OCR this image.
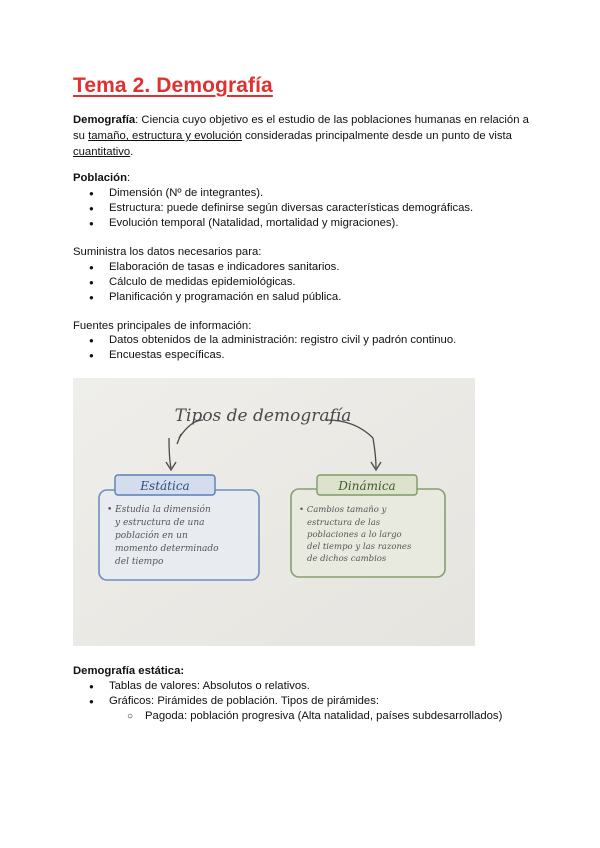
Tema 2. Demografía

Demografía: Ciencia cuyo objetivo es el estudio de las poblaciones humanas en relación a su tamaño, estructura y evolución consideradas principalmente desde un punto de vista cuantitativo.

Población:

● Dimensión (Nº de integrantes).
● Estructura: puede definirse según diversas características demográficas.
● Evolución temporal (Natalidad, mortalidad y migraciones).

Suministra los datos necesarios para:

● Elaboración de tasas e indicadores sanitarios.
● Cálculo de medidas epidemiológicas.
● Planificación y programación en salud pública.

Fuentes principales de información:

● Datos obtenidos de la administración: registro civil y padrón continuo.
● Encuestas específicas.
Tipos de demografía
Estática
• Estudia la dimensión
y estructura de una
población en un
momento determinado
del tiempo
Dinámica
• Cambios tamaño y
estructura de las
poblaciones a lo largo
del tiempo y las razones
de dichos cambios

Demografía estática:

● Tablas de valores: Absolutos o relativos.
● Gráficos: Pirámides de población. Tipos de pirámides:
○ Pagoda: población progresiva (Alta natalidad, países subdesarrollados)
